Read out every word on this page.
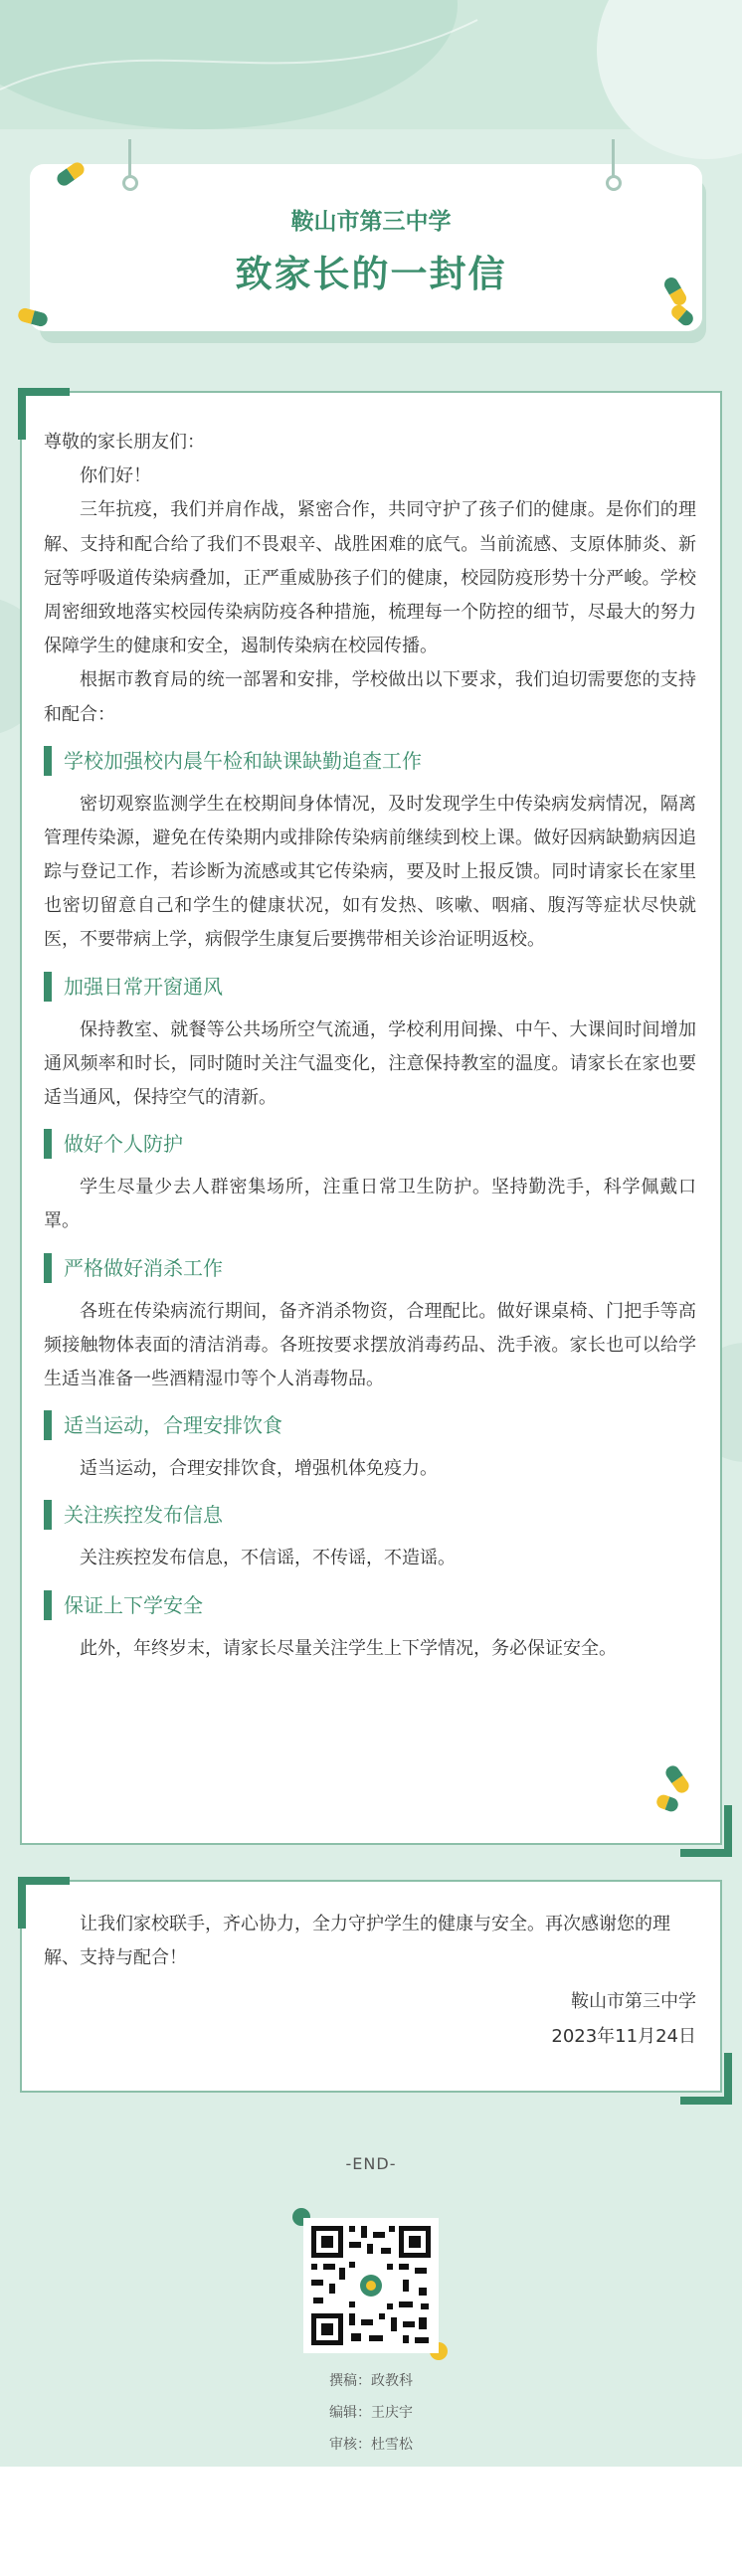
鞍山市第三中学
致家长的一封信

尊敬的家长朋友们：

你们好！

三年抗疫，我们并肩作战，紧密合作，共同守护了孩子们的健康。是你们的理解、支持和配合给了我们不畏艰辛、战胜困难的底气。当前流感、支原体肺炎、新冠等呼吸道传染病叠加，正严重威胁孩子们的健康，校园防疫形势十分严峻。学校周密细致地落实校园传染病防疫各种措施，梳理每一个防控的细节，尽最大的努力保障学生的健康和安全，遏制传染病在校园传播。

根据市教育局的统一部署和安排，学校做出以下要求，我们迫切需要您的支持和配合：

学校加强校内晨午检和缺课缺勤追查工作

密切观察监测学生在校期间身体情况，及时发现学生中传染病发病情况，隔离管理传染源，避免在传染期内或排除传染病前继续到校上课。做好因病缺勤病因追踪与登记工作，若诊断为流感或其它传染病，要及时上报反馈。同时请家长在家里也密切留意自己和学生的健康状况，如有发热、咳嗽、咽痛、腹泻等症状尽快就医，不要带病上学，病假学生康复后要携带相关诊治证明返校。

加强日常开窗通风

保持教室、就餐等公共场所空气流通，学校利用间操、中午、大课间时间增加通风频率和时长，同时随时关注气温变化，注意保持教室的温度。请家长在家也要适当通风，保持空气的清新。

做好个人防护

学生尽量少去人群密集场所，注重日常卫生防护。坚持勤洗手，科学佩戴口罩。

严格做好消杀工作

各班在传染病流行期间，备齐消杀物资，合理配比。做好课桌椅、门把手等高频接触物体表面的清洁消毒。各班按要求摆放消毒药品、洗手液。家长也可以给学生适当准备一些酒精湿巾等个人消毒物品。

适当运动，合理安排饮食

适当运动，合理安排饮食，增强机体免疫力。

关注疾控发布信息

关注疾控发布信息，不信谣，不传谣，不造谣。

保证上下学安全

此外，年终岁末，请家长尽量关注学生上下学情况，务必保证安全。

让我们家校联手，齐心协力，全力守护学生的健康与安全。再次感谢您的理解、支持与配合！

鞍山市第三中学

2023年11月24日

-END-
撰稿：政教科
编辑：王庆宇
审核：杜雪松
